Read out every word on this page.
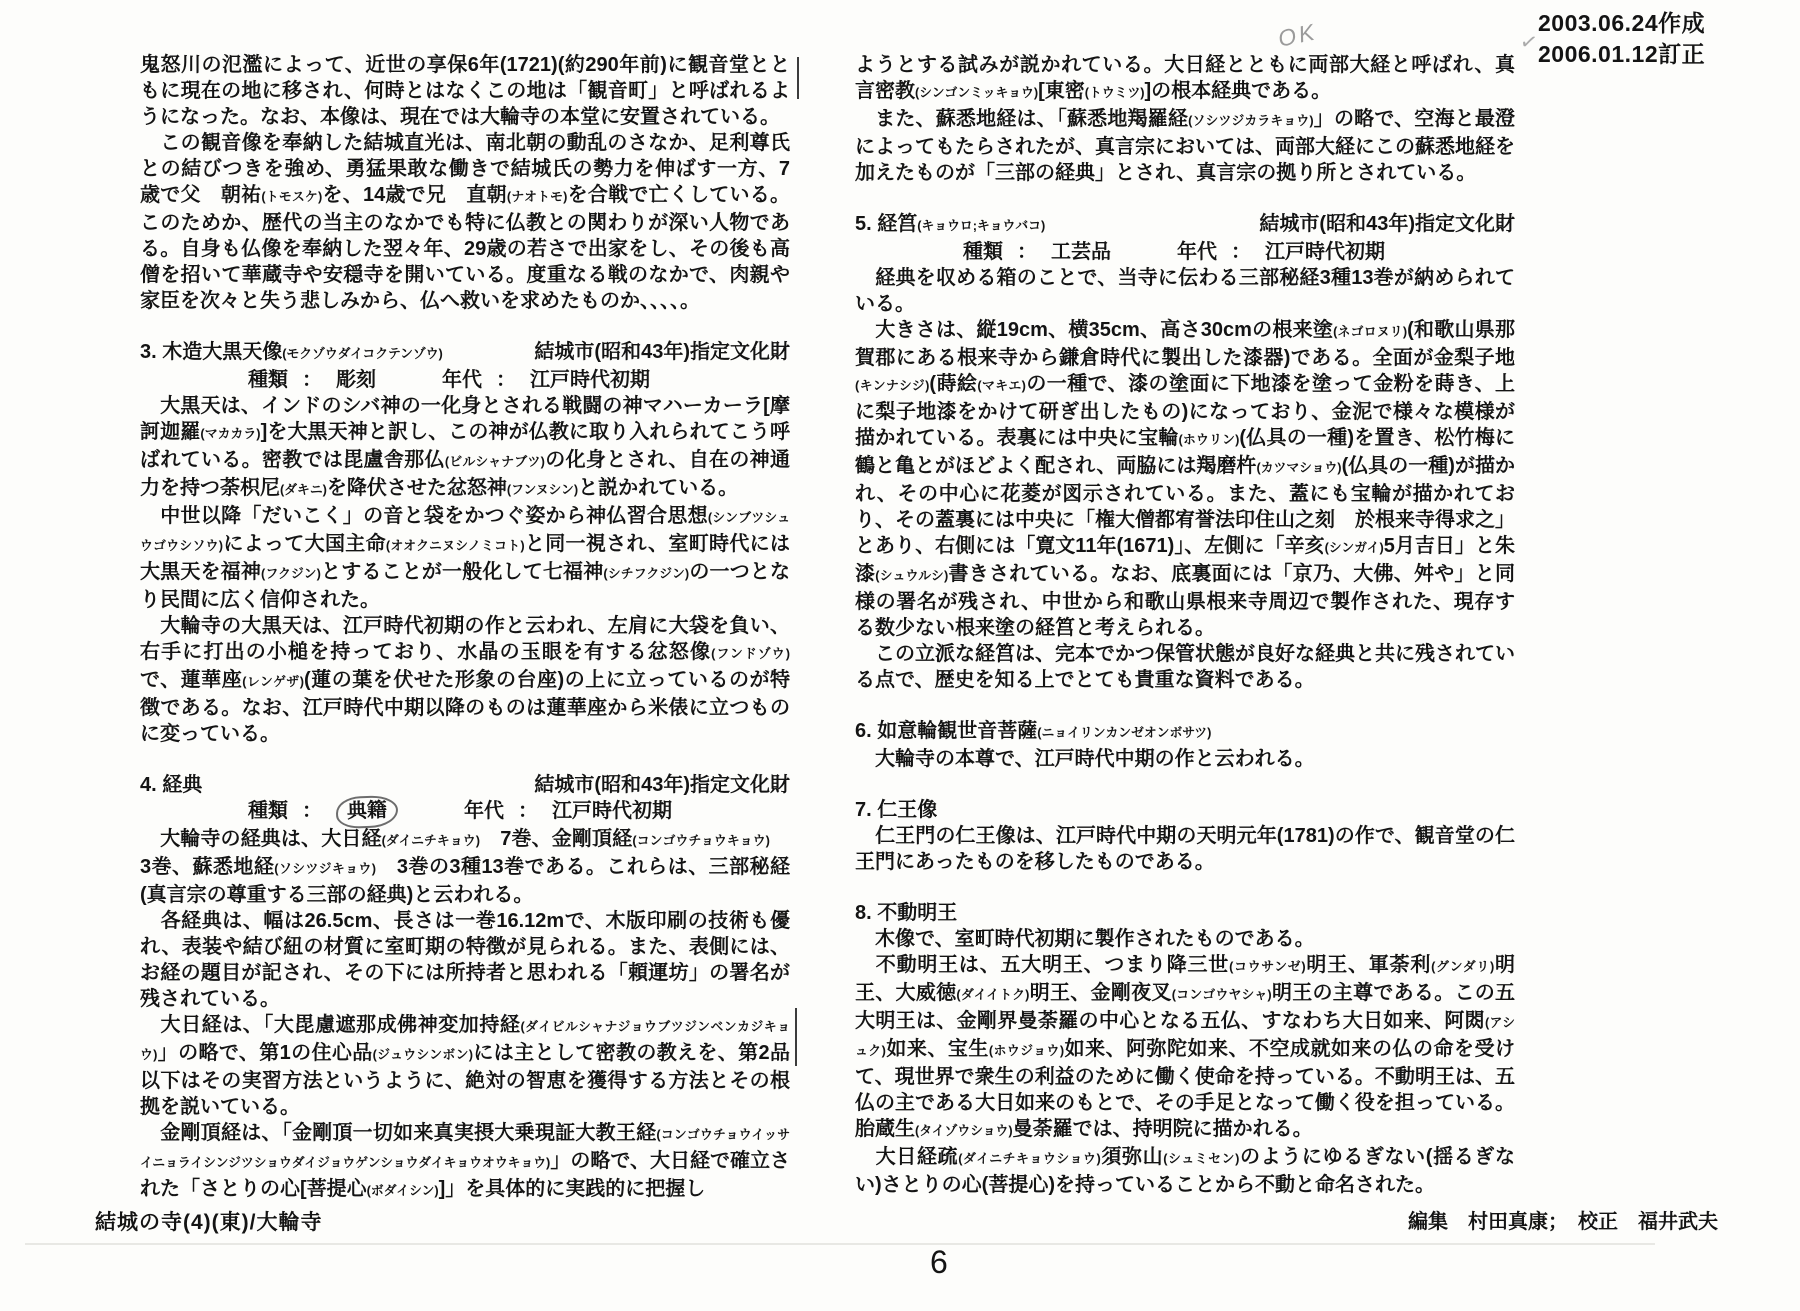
2003.06.24作成
2006.01.12訂正
OK	✓

鬼怒川の氾濫によって、近世の享保6年(1721)(約290年前)に観音堂とともに現在の地に移され、何時とはなくこの地は「観音町」と呼ばれるようになった。なお、本像は、現在では大輪寺の本堂に安置されている。

　この観音像を奉納した結城直光は、南北朝の動乱のさなか、足利尊氏との結びつきを強め、勇猛果敢な働きで結城氏の勢力を伸ばす一方、7歳で父　朝祐(トモスケ)を、14歳で兄　直朝(ナオトモ)を合戦で亡くしている。このためか、歴代の当主のなかでも特に仏教との関わりが深い人物である。自身も仏像を奉納した翌々年、29歳の若さで出家をし、その後も高僧を招いて華蔵寺や安穏寺を開いている。度重なる戦のなかで、肉親や家臣を次々と失う悲しみから、仏へ救いを求めたものか、、、、。

3. 木造大黒天像(モクゾウダイコクテンゾウ)	結城市(昭和43年)指定文化財
種類 ： 彫刻	年代 ： 江戸時代初期

　大黒天は、インドのシバ神の一化身とされる戦闘の神マハーカーラ[摩訶迦羅(マカカラ)]を大黒天神と訳し、この神が仏教に取り入れられてこう呼ばれている。密教では毘盧舎那仏(ビルシャナブツ)の化身とされ、自在の神通力を持つ荼枳尼(ダキニ)を降伏させた忿怒神(フンヌシン)と説かれている。

　中世以降「だいこく」の音と袋をかつぐ姿から神仏習合思想(シンブツシュウゴウシソウ)によって大国主命(オオクニヌシノミコト)と同一視され、室町時代には大黒天を福神(フクジン)とすることが一般化して七福神(シチフクジン)の一つとなり民間に広く信仰された。

　大輪寺の大黒天は、江戸時代初期の作と云われ、左肩に大袋を負い、右手に打出の小槌を持っており、水晶の玉眼を有する忿怒像(フンドゾウ)で、蓮華座(レンゲザ)(蓮の葉を伏せた形象の台座)の上に立っているのが特徴である。なお、江戸時代中期以降のものは蓮華座から米俵に立つものに変っている。

4. 経典	結城市(昭和43年)指定文化財
種類 ：	典籍	年代 ： 江戸時代初期

　大輪寺の経典は、大日経(ダイニチキョウ)　7巻、金剛頂経(コンゴウチョウキョウ)　3巻、蘇悉地経(ソシツジキョウ)　3巻の3種13巻である。これらは、三部秘経(真言宗の尊重する三部の経典)と云われる。

　各経典は、幅は26.5cm、長さは一巻16.12mで、木版印刷の技術も優れ、表装や結び紐の材質に室町期の特徴が見られる。また、表側には、お経の題目が記され、その下には所持者と思われる「頼運坊」の署名が残されている。

　大日経は、「大毘慮遮那成佛神変加持経(ダイビルシャナジョウブツジンベンカジキョウ)」の略で、第1の住心品(ジュウシンボン)には主として密教の教えを、第2品以下はその実習方法というように、絶対の智恵を獲得する方法とその根拠を説いている。

　金剛頂経は、「金剛頂一切如来真実摂大乗現証大教王経(コンゴウチョウイッサイニョライシンジツショウダイジョウゲンショウダイキョウオウキョウ)」の略で、大日経で確立された「さとりの心[菩提心(ボダイシン)]」を具体的に実践的に把握し

ようとする試みが説かれている。大日経とともに両部大経と呼ばれ、真言密教(シンゴンミッキョウ)[東密(トウミツ)]の根本経典である。

　また、蘇悉地経は、「蘇悉地羯羅経(ソシツジカラキョウ)」の略で、空海と最澄によってもたらされたが、真言宗においては、両部大経にこの蘇悉地経を加えたものが「三部の経典」とされ、真言宗の拠り所とされている。

5. 経筥(キョウロ;キョウバコ)	結城市(昭和43年)指定文化財
種類 ： 工芸品	年代 ： 江戸時代初期

　経典を収める箱のことで、当寺に伝わる三部秘経3種13巻が納められている。

　大きさは、縦19cm、横35cm、高さ30cmの根来塗(ネゴロヌリ)(和歌山県那賀郡にある根来寺から鎌倉時代に製出した漆器)である。全面が金梨子地(キンナシジ)(蒔絵(マキエ)の一種で、漆の塗面に下地漆を塗って金粉を蒔き、上に梨子地漆をかけて研ぎ出したもの)になっており、金泥で様々な模様が描かれている。表裏には中央に宝輪(ホウリン)(仏具の一種)を置き、松竹梅に鶴と亀とがほどよく配され、両脇には羯磨杵(カツマショウ)(仏具の一種)が描かれ、その中心に花菱が図示されている。また、蓋にも宝輪が描かれており、その蓋裏には中央に「権大僧都宥誉法印住山之刻　於根来寺得求之」とあり、右側には「寛文11年(1671)」、左側に「辛亥(シンガイ)5月吉日」と朱漆(シュウルシ)書きされている。なお、底裏面には「京乃、大佛、舛や」と同様の署名が残され、中世から和歌山県根来寺周辺で製作された、現存する数少ない根来塗の経筥と考えられる。

　この立派な経筥は、完本でかつ保管状態が良好な経典と共に残されている点で、歴史を知る上でとても貴重な資料である。

6. 如意輪観世音菩薩(ニョイリンカンゼオンボサツ)

　大輪寺の本尊で、江戸時代中期の作と云われる。

7. 仁王像

　仁王門の仁王像は、江戸時代中期の天明元年(1781)の作で、観音堂の仁王門にあったものを移したものである。

8. 不動明王

　木像で、室町時代初期に製作されたものである。

　不動明王は、五大明王、つまり降三世(コウサンゼ)明王、軍荼利(グンダリ)明王、大威徳(ダイイトク)明王、金剛夜叉(コンゴウヤシャ)明王の主尊である。この五大明王は、金剛界曼荼羅の中心となる五仏、すなわち大日如来、阿閦(アシュク)如来、宝生(ホウジョウ)如来、阿弥陀如来、不空成就如来の仏の命を受けて、現世界で衆生の利益のために働く使命を持っている。不動明王は、五仏の主である大日如来のもとで、その手足となって働く役を担っている。胎蔵生(タイゾウショウ)曼荼羅では、持明院に描かれる。

　大日経疏(ダイニチキョウショウ)須弥山(シュミセン)のようにゆるぎない(揺るぎない)さとりの心(菩提心)を持っていることから不動と命名された。

結城の寺(4)(東)/大輪寺	編集　村田真康；　校正　福井武夫
6
